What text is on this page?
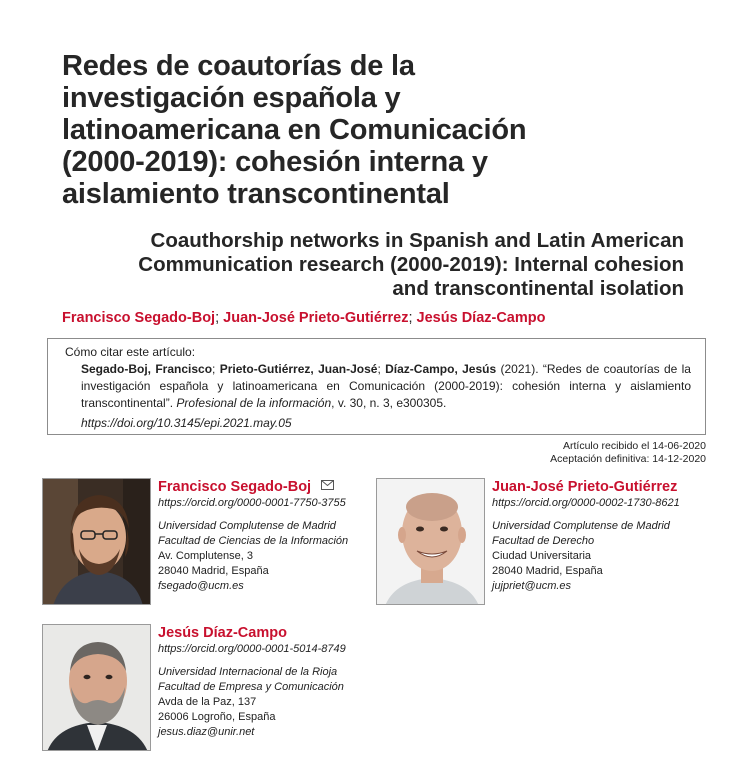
Redes de coautorías de la
investigación española y
latinoamericana en Comunicación
(2000-2019): cohesión interna y
aislamiento transcontinental
Coauthorship networks in Spanish and Latin American
Communication research (2000-2019): Internal cohesion
and transcontinental isolation
Francisco Segado-Boj; Juan-José Prieto-Gutiérrez; Jesús Díaz-Campo
Cómo citar este artículo:
Segado-Boj, Francisco; Prieto-Gutiérrez, Juan-José; Díaz-Campo, Jesús (2021). “Redes de coautorías de la investigación española y latinoamericana en Comunicación (2000-2019): cohesión interna y aislamiento transcontinental”. Profesional de la información, v. 30, n. 3, e300305.
https://doi.org/10.3145/epi.2021.may.05
Artículo recibido el 14-06-2020
Aceptación definitiva: 14-12-2020
Francisco Segado-Boj
https://orcid.org/0000-0001-7750-3755
Universidad Complutense de Madrid
Facultad de Ciencias de la Información
Av. Complutense, 3
28040 Madrid, España
fsegado@ucm.es
Juan-José Prieto-Gutiérrez
https://orcid.org/0000-0002-1730-8621
Universidad Complutense de Madrid
Facultad de Derecho
Ciudad Universitaria
28040 Madrid, España
jujpriet@ucm.es
Jesús Díaz-Campo
https://orcid.org/0000-0001-5014-8749
Universidad Internacional de la Rioja
Facultad de Empresa y Comunicación
Avda de la Paz, 137
26006 Logroño, España
jesus.diaz@unir.net
